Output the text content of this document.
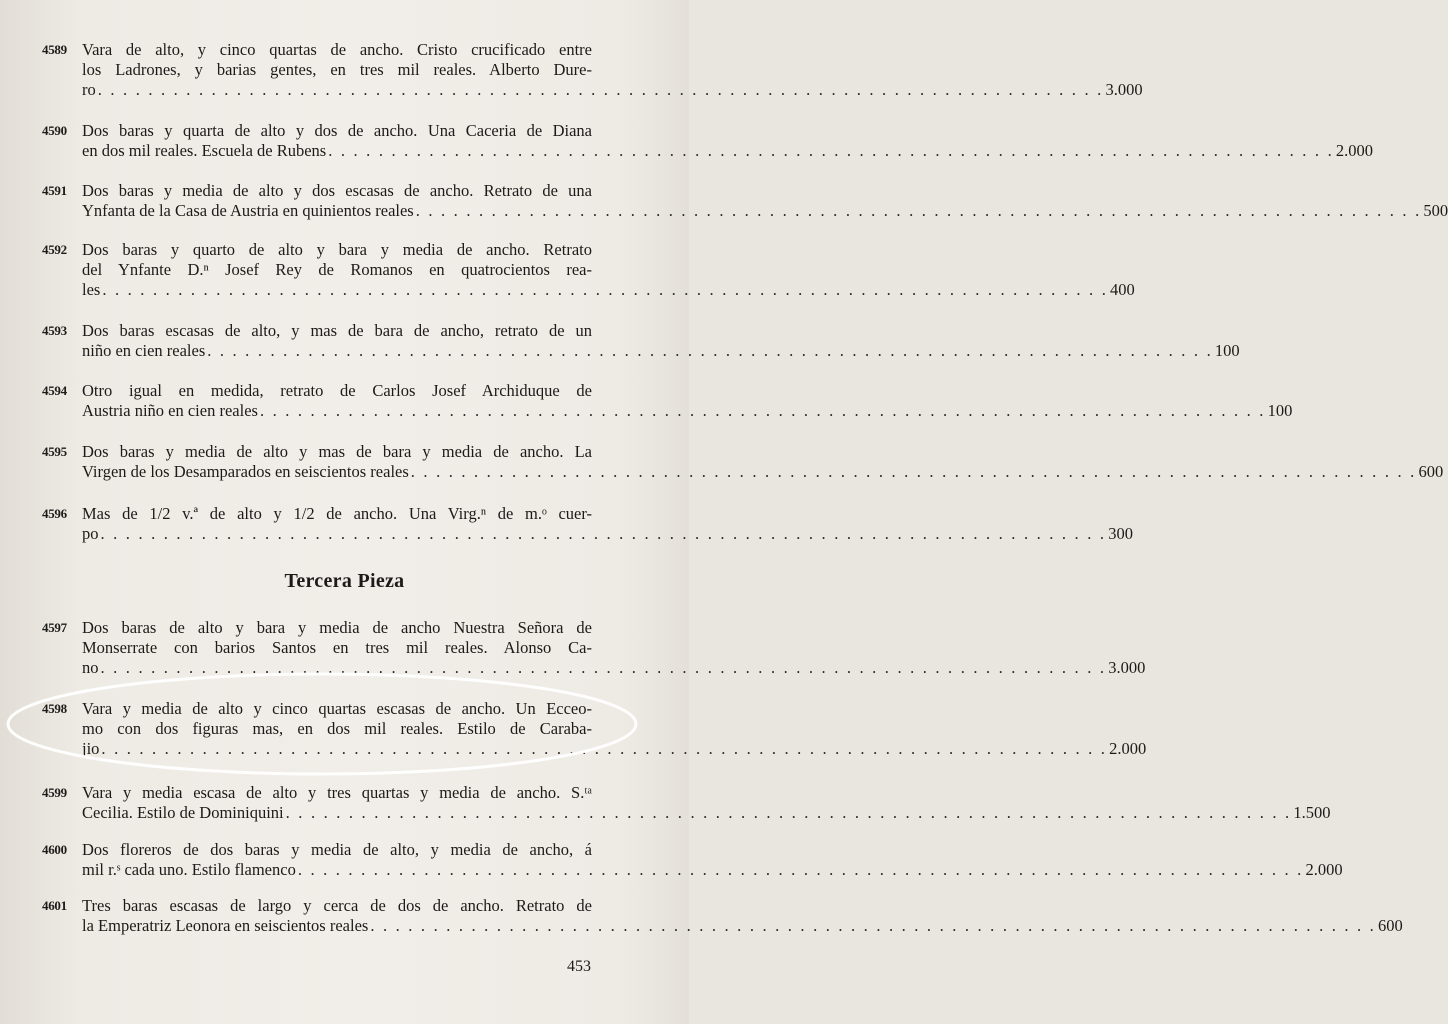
4589 Vara de alto, y cinco quartas de ancho. Cristo crucificado entre
los Ladrones, y barias gentes, en tres mil reales. Alberto Dure-
ro . . . . . . . . . . . . . . . . . . . . . . . . . . . . . . . . . . . . . . . . . . . . . . . . . . . . . . . . . . . . . . . . . . . . . . . . . . . . . . . . 3.000
4590 Dos baras y quarta de alto y dos de ancho. Una Caceria de Diana
en dos mil reales. Escuela de Rubens . . . . . . . . . . . . . . . . . . . . . . . . . . . . . . . . . . . . . . . . . . . . . . . . . . . . . . . . . . . . . . . . . . . . . . . . . . . . . . . . 2.000
4591 Dos baras y media de alto y dos escasas de ancho. Retrato de una
Ynfanta de la Casa de Austria en quinientos reales . . . . . . . . . . . . . . . . . . . . . . . . . . . . . . . . . . . . . . . . . . . . . . . . . . . . . . . . . . . . . . . . . . . . . . . . . . . . . . . . 500
4592 Dos baras y quarto de alto y bara y media de ancho. Retrato
del Ynfante D.ⁿ Josef Rey de Romanos en quatrocientos rea-
les . . . . . . . . . . . . . . . . . . . . . . . . . . . . . . . . . . . . . . . . . . . . . . . . . . . . . . . . . . . . . . . . . . . . . . . . . . . . . . . . 400
4593 Dos baras escasas de alto, y mas de bara de ancho, retrato de un
niño en cien reales . . . . . . . . . . . . . . . . . . . . . . . . . . . . . . . . . . . . . . . . . . . . . . . . . . . . . . . . . . . . . . . . . . . . . . . . . . . . . . . . 100
4594 Otro igual en medida, retrato de Carlos Josef Archiduque de
Austria niño en cien reales . . . . . . . . . . . . . . . . . . . . . . . . . . . . . . . . . . . . . . . . . . . . . . . . . . . . . . . . . . . . . . . . . . . . . . . . . . . . . . . . 100
4595 Dos baras y media de alto y mas de bara y media de ancho. La
Virgen de los Desamparados en seiscientos reales . . . . . . . . . . . . . . . . . . . . . . . . . . . . . . . . . . . . . . . . . . . . . . . . . . . . . . . . . . . . . . . . . . . . . . . . . . . . . . . . 600
4596 Mas de 1/2 v.ª de alto y 1/2 de ancho. Una Virg.ⁿ de m.ᵒ cuer-
po . . . . . . . . . . . . . . . . . . . . . . . . . . . . . . . . . . . . . . . . . . . . . . . . . . . . . . . . . . . . . . . . . . . . . . . . . . . . . . . . 300
Tercera Pieza
4597 Dos baras de alto y bara y media de ancho Nuestra Señora de
Monserrate con barios Santos en tres mil reales. Alonso Ca-
no . . . . . . . . . . . . . . . . . . . . . . . . . . . . . . . . . . . . . . . . . . . . . . . . . . . . . . . . . . . . . . . . . . . . . . . . . . . . . . . . 3.000
4598 Vara y media de alto y cinco quartas escasas de ancho. Un Ecceo-
mo con dos figuras mas, en dos mil reales. Estilo de Caraba-
jio . . . . . . . . . . . . . . . . . . . . . . . . . . . . . . . . . . . . . . . . . . . . . . . . . . . . . . . . . . . . . . . . . . . . . . . . . . . . . . . . 2.000
4599 Vara y media escasa de alto y tres quartas y media de ancho. S.ᵗᵃ
Cecilia. Estilo de Dominiquini . . . . . . . . . . . . . . . . . . . . . . . . . . . . . . . . . . . . . . . . . . . . . . . . . . . . . . . . . . . . . . . . . . . . . . . . . . . . . . . . 1.500
4600 Dos floreros de dos baras y media de alto, y media de ancho, á
mil r.ˢ cada uno. Estilo flamenco . . . . . . . . . . . . . . . . . . . . . . . . . . . . . . . . . . . . . . . . . . . . . . . . . . . . . . . . . . . . . . . . . . . . . . . . . . . . . . . . 2.000
4601 Tres baras escasas de largo y cerca de dos de ancho. Retrato de
la Emperatriz Leonora en seiscientos reales . . . . . . . . . . . . . . . . . . . . . . . . . . . . . . . . . . . . . . . . . . . . . . . . . . . . . . . . . . . . . . . . . . . . . . . . . . . . . . . . 600
453
